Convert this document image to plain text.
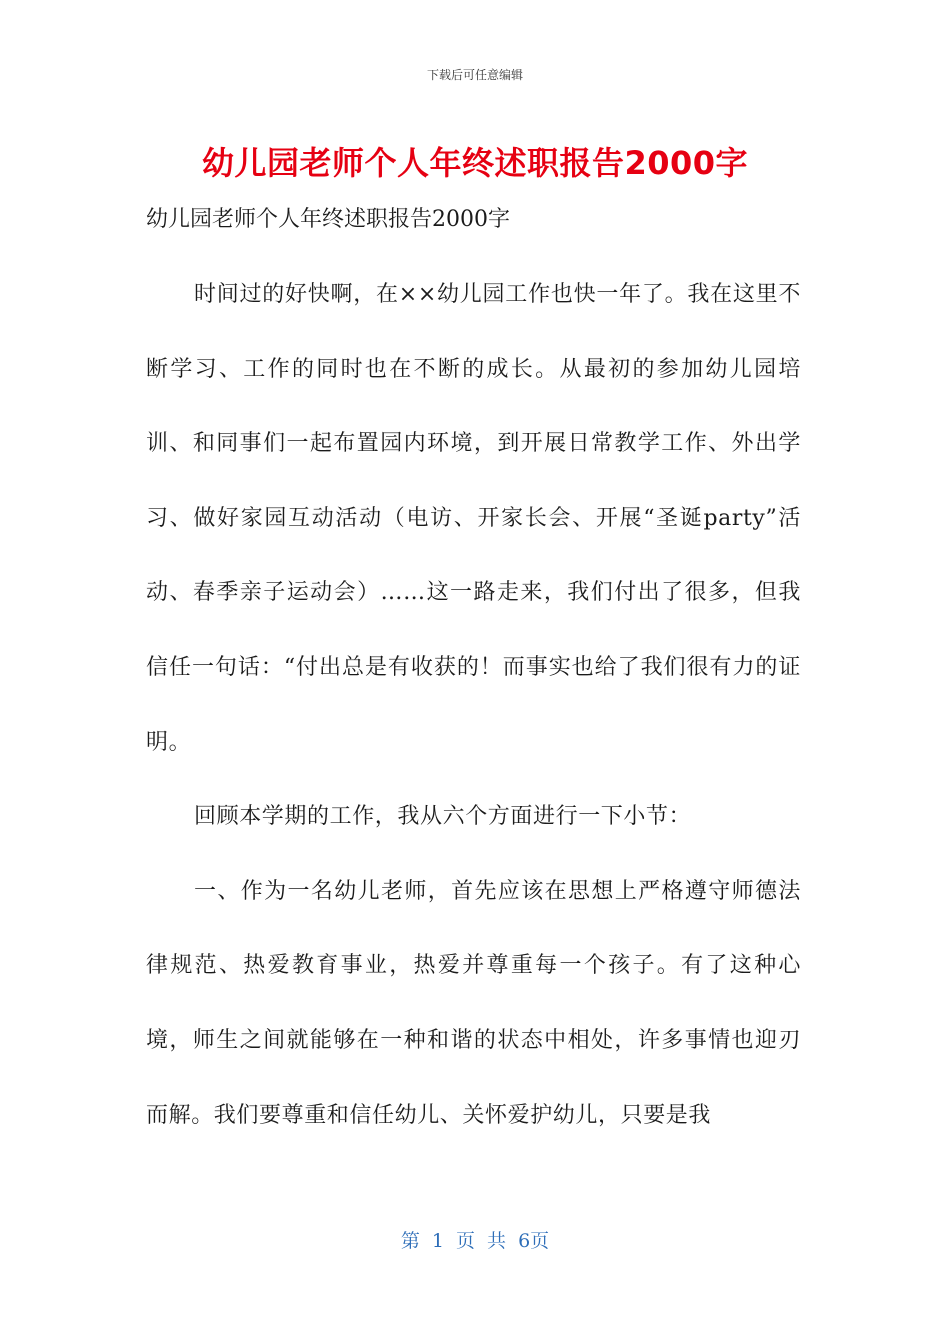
下载后可任意编辑
幼儿园老师个人年终述职报告2000字

幼儿园老师个人年终述职报告2000字

时间过的好快啊，在××幼儿园工作也快一年了。我在这里不断学习、工作的同时也在不断的成长。从最初的参加幼儿园培训、和同事们一起布置园内环境，到开展日常教学工作、外出学习、做好家园互动活动（电访、开家长会、开展“圣诞party”活动、春季亲子运动会）……这一路走来，我们付出了很多，但我信任一句话：“付出总是有收获的！而事实也给了我们很有力的证明。

回顾本学期的工作，我从六个方面进行一下小节：

一、作为一名幼儿老师，首先应该在思想上严格遵守师德法律规范、热爱教育事业，热爱并尊重每一个孩子。有了这种心境，师生之间就能够在一种和谐的状态中相处，许多事情也迎刃而解。我们要尊重和信任幼儿、关怀爱护幼儿，只要是我

第 1 页 共 6页
